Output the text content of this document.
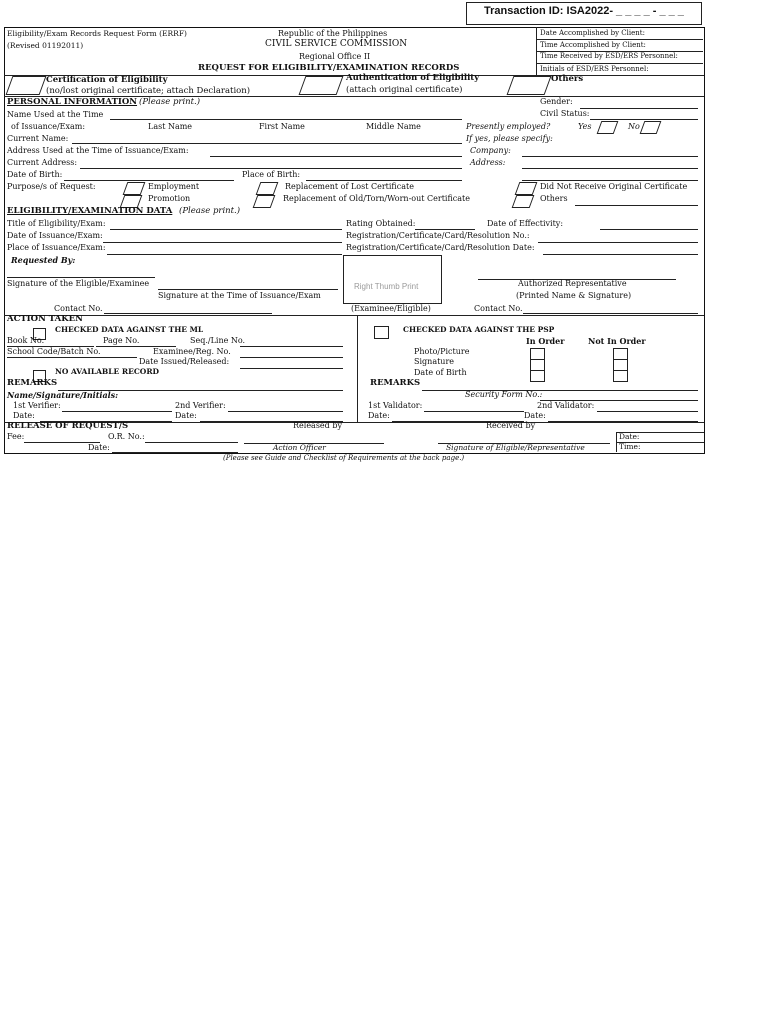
Transaction ID: ISA2022- _ _ _ _ - _ _ _
Eligibility/Exam Records Request Form (ERRF)
(Revised 01192011)
Republic of the Philippines
CIVIL SERVICE COMMISSION
Regional Office II
REQUEST FOR ELIGIBILITY/EXAMINATION RECORDS
Date Accomplished by Client:
Time Accomplished by Client:
Time Received by ESD/ERS Personnel:
Initials of ESD/ERS Personnel:
Certification of Eligibility
(no/lost original certificate; attach Declaration)
Authentication of Eligibility
(attach original certificate)
Others
PERSONAL INFORMATION (Please print.)
Name Used at the Time
of Issuance/Exam:	Last Name	First Name	Middle Name
Current Name:
Address Used at the Time of Issuance/Exam:
Current Address:
Date of Birth:	Place of Birth:
Gender:
Civil Status:
Presently employed?	Yes	No
If yes, please specify:
Company:
Address:
Purpose/s of Request:	Employment
Promotion
Replacement of Lost Certificate
Replacement of Old/Torn/Worn-out Certificate
Did Not Receive Original Certificate
Others
ELIGIBILITY/EXAMINATION DATA (Please print.)
Title of Eligibility/Exam:
Date of Issuance/Exam:
Place of Issuance/Exam:
Rating Obtained:	Date of Effectivity:
Registration/Certificate/Card/Resolution No.:
Registration/Certificate/Card/Resolution Date:
Requested By:
Signature of the Eligible/Examinee
Signature at the Time of Issuance/Exam
Contact No.
Right Thumb Print
(Examinee/Eligible)
Authorized Representative
(Printed Name & Signature)
Contact No.
ACTION TAKEN
CHECKED DATA AGAINST THE ML
Book No.	Page No.	Seq./Line No.
School Code/Batch No.	Examinee/Reg. No.
Date Issued/Released:
NO AVAILABLE RECORD
REMARKS
Name/Signature/Initials:
1st Verifier:	2nd Verifier:
Date:	Date:
CHECKED DATA AGAINST THE PSP
In Order	Not In Order
Photo/Picture
Signature
Date of Birth
REMARKS
Security Form No.:
1st Validator:	2nd Validator:
Date:	Date:
RELEASE OF REQUEST/S	Released by	Received by
Fee:	O.R. No.:
Date:	Action Officer	Signature of Eligible/Representative
Date:
Time:
(Please see Guide and Checklist of Requirements at the back page.)
